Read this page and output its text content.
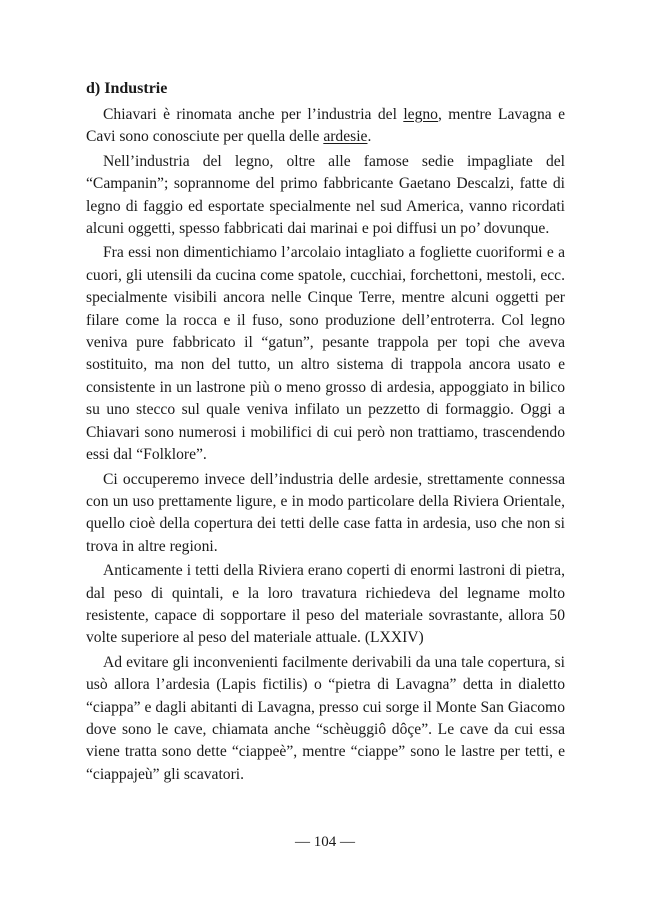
d) Industrie

Chiavari è rinomata anche per l’industria del legno, mentre Lavagna e Cavi sono conosciute per quella delle ardesie.

Nell’industria del legno, oltre alle famose sedie impagliate del “Campanin”; soprannome del primo fabbricante Gaetano Descalzi, fatte di legno di faggio ed esportate specialmente nel sud America, vanno ricordati alcuni oggetti, spesso fabbricati dai marinai e poi diffusi un po’ dovunque.

Fra essi non dimentichiamo l’arcolaio intagliato a fogliette cuoriformi e a cuori, gli utensili da cucina come spatole, cucchiai, forchettoni, mestoli, ecc. specialmente visibili ancora nelle Cinque Terre, mentre alcuni oggetti per filare come la rocca e il fuso, sono produzione dell’entroterra. Col legno veniva pure fabbricato il “gatun”, pesante trappola per topi che aveva sostituito, ma non del tutto, un altro sistema di trappola ancora usato e consistente in un lastrone più o meno grosso di ardesia, appoggiato in bilico su uno stecco sul quale veniva infilato un pezzetto di formaggio. Oggi a Chiavari sono numerosi i mobilifici di cui però non trattiamo, trascendendo essi dal “Folklore”.

Ci occuperemo invece dell’industria delle ardesie, strettamente connessa con un uso prettamente ligure, e in modo particolare della Riviera Orientale, quello cioè della copertura dei tetti delle case fatta in ardesia, uso che non si trova in altre regioni.

Anticamente i tetti della Riviera erano coperti di enormi lastroni di pietra, dal peso di quintali, e la loro travatura richiedeva del legname molto resistente, capace di sopportare il peso del materiale sovrastante, allora 50 volte superiore al peso del materiale attuale. (LXXIV)

Ad evitare gli inconvenienti facilmente derivabili da una tale copertura, si usò allora l’ardesia (Lapis fictilis) o “pietra di Lavagna” detta in dialetto “ciappa” e dagli abitanti di Lavagna, presso cui sorge il Monte San Giacomo dove sono le cave, chiamata anche “schèuggiô dôçe”. Le cave da cui essa viene tratta sono dette “ciappeè”, mentre “ciappe” sono le lastre per tetti, e “ciappajeù” gli scavatori.

— 104 —
